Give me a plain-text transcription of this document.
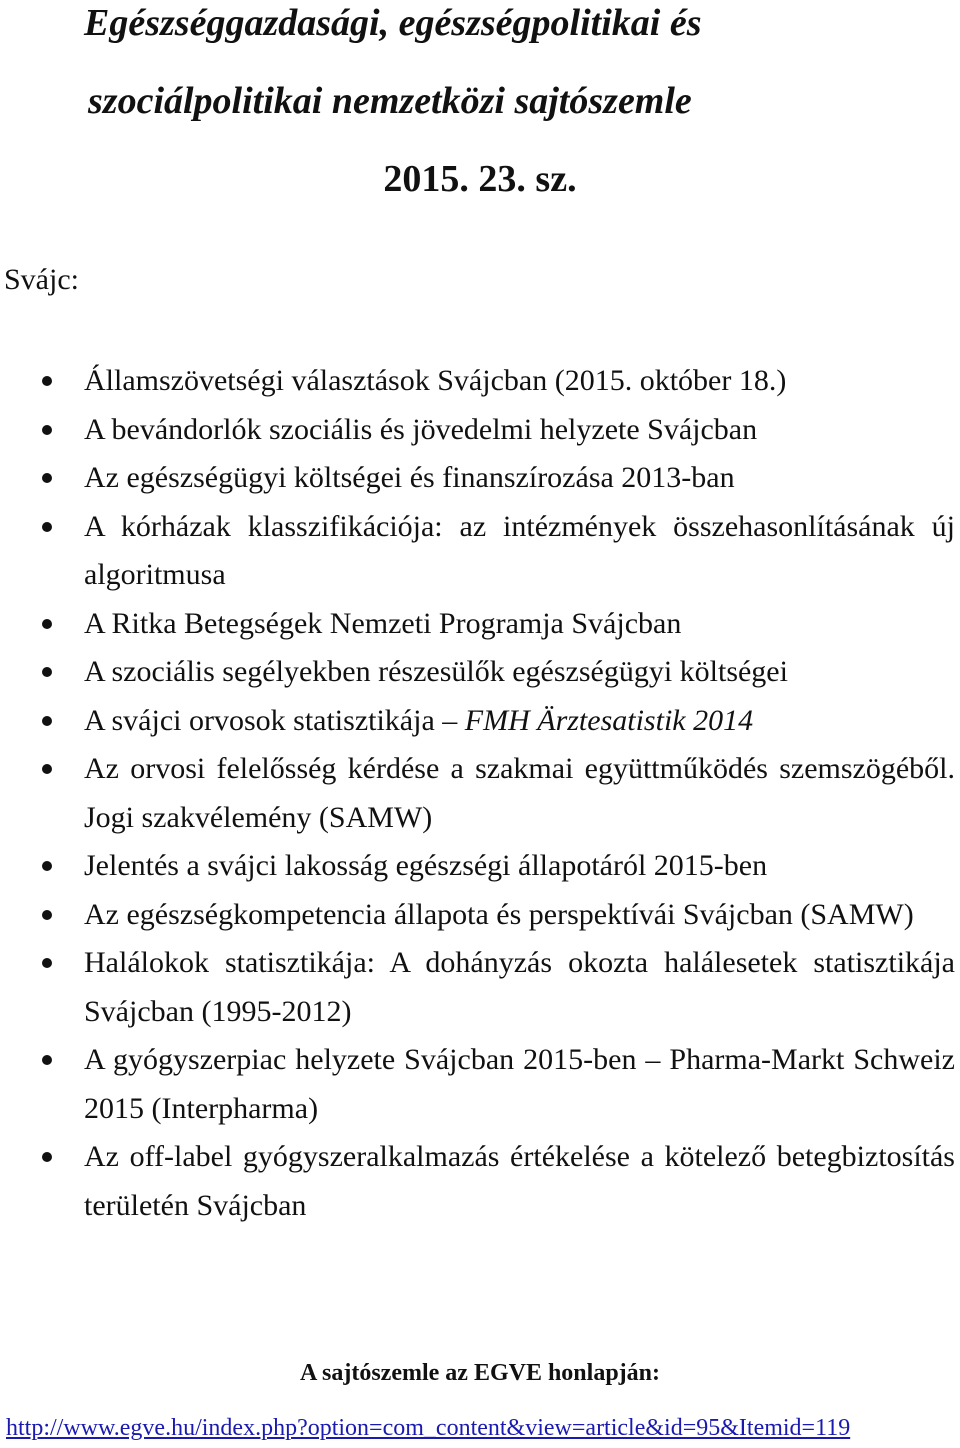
Egészséggazdasági, egészségpolitikai és
szociálpolitikai nemzetközi sajtószemle
2015. 23. sz.

Svájc:

Államszövetségi választások Svájcban (2015. október 18.)
A bevándorlók szociális és jövedelmi helyzete Svájcban
Az egészségügyi költségei és finanszírozása 2013-ban
A kórházak klasszifikációja: az intézmények összehasonlításának új algoritmusa
A Ritka Betegségek Nemzeti Programja Svájcban
A szociális segélyekben részesülők egészségügyi költségei
A svájci orvosok statisztikája – FMH Ärztesatistik 2014
Az orvosi felelősség kérdése a szakmai együttműködés szemszögéből. Jogi szakvélemény (SAMW)
Jelentés a svájci lakosság egészségi állapotáról 2015-ben
Az egészségkompetencia állapota és perspektívái Svájcban (SAMW)
Halálokok statisztikája: A dohányzás okozta halálesetek statisztikája Svájcban (1995-2012)
A gyógyszerpiac helyzete Svájcban 2015-ben – Pharma-Markt Schweiz 2015 (Interpharma)
Az off-label gyógyszeralkalmazás értékelése a kötelező betegbiztosítás területén Svájcban

A sajtószemle az EGVE honlapján:

http://www.egve.hu/index.php?option=com_content&view=article&id=95&Itemid=119
